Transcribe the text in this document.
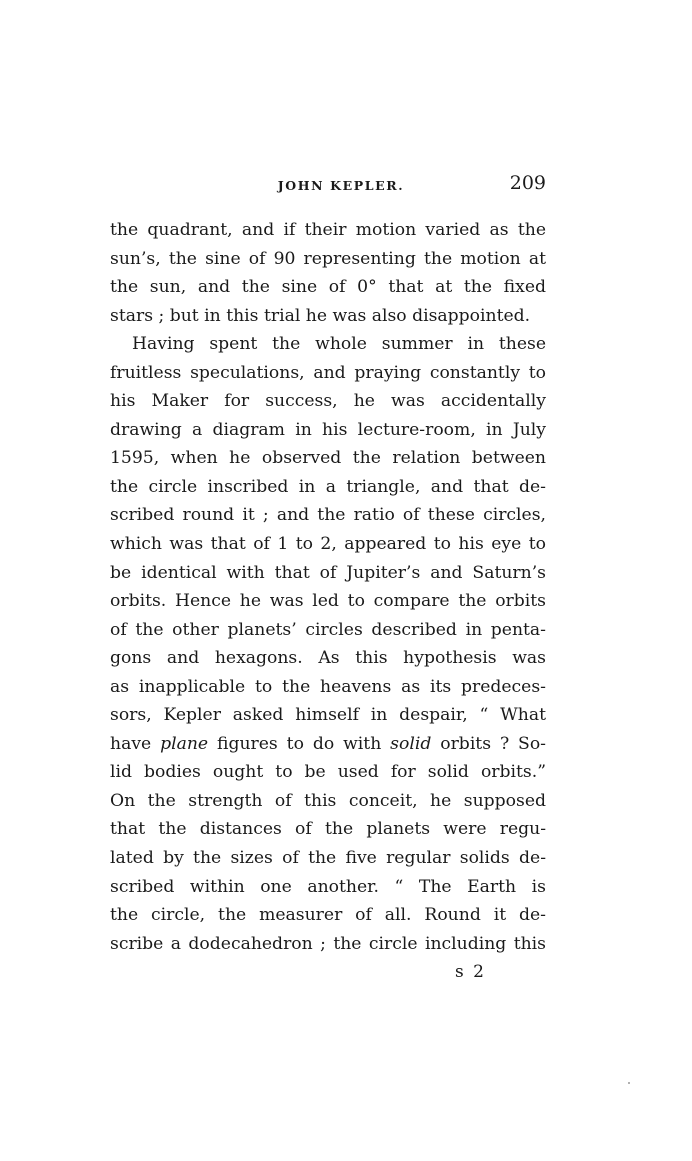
JOHN KEPLER.	209
the quadrant, and if their motion varied as the
sun’s, the sine of 90 representing the motion at
the sun, and the sine of 0° that at the fixed
stars ; but in this trial he was also disappointed.
Having spent the whole summer in these
fruitless speculations, and praying constantly to
his Maker for success, he was accidentally
drawing a diagram in his lecture-room, in July
1595, when he observed the relation between
the circle inscribed in a triangle, and that de-
scribed round it ; and the ratio of these circles,
which was that of 1 to 2, appeared to his eye to
be identical with that of Jupiter’s and Saturn’s
orbits. Hence he was led to compare the orbits
of the other planets’ circles described in penta-
gons and hexagons. As this hypothesis was
as inapplicable to the heavens as its predeces-
sors, Kepler asked himself in despair, “ What
have plane figures to do with solid orbits ? So-
lid bodies ought to be used for solid orbits.”
On the strength of this conceit, he supposed
that the distances of the planets were regu-
lated by the sizes of the five regular solids de-
scribed within one another. “ The Earth is
the circle, the measurer of all. Round it de-
scribe a dodecahedron ; the circle including this
s 2
